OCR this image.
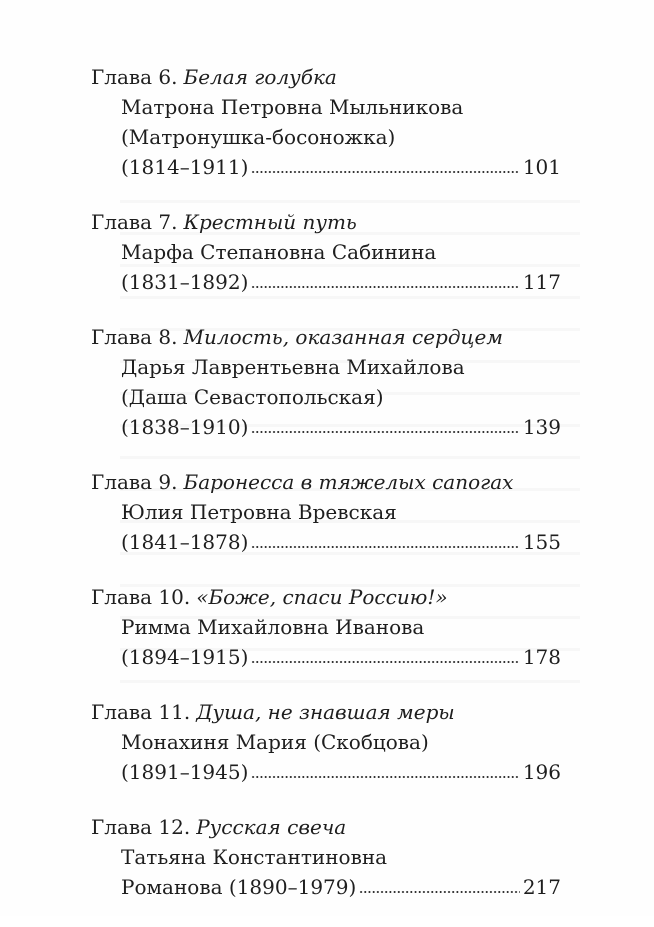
Глава 6. Белая голубка
Матрона Петровна Мыльникова
(Матронушка-босоножка)
(1814–1911)	101
Глава 7. Крестный путь
Марфа Степановна Сабинина
(1831–1892)	117
Глава 8. Милость, оказанная сердцем
Дарья Лаврентьевна Михайлова
(Даша Севастопольская)
(1838–1910)	139
Глава 9. Баронесса в тяжелых сапогах
Юлия Петровна Вревская
(1841–1878)	155
Глава 10. «Боже, спаси Россию!»
Римма Михайловна Иванова
(1894–1915)	178
Глава 11. Душа, не знавшая меры
Монахиня Мария (Скобцова)
(1891–1945)	196
Глава 12. Русская свеча
Татьяна Константиновна
Романова (1890–1979)	217
